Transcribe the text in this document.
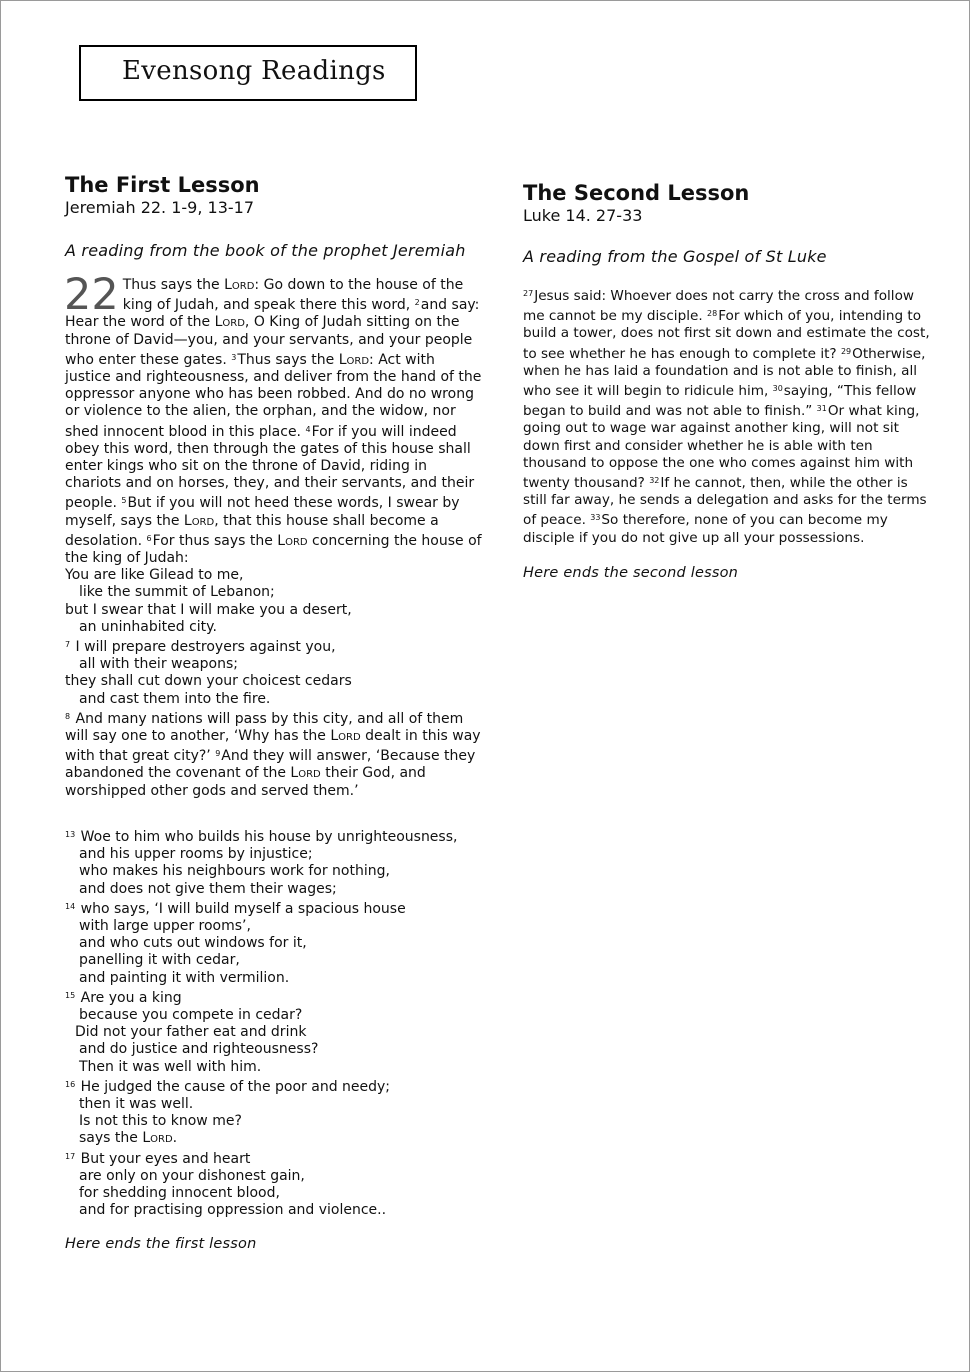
Evensong Readings
The First Lesson
Jeremiah 22. 1-9, 13-17
A reading from the book of the prophet Jeremiah
22 Thus says the Lord: Go down to the house of the king of Judah, and speak there this word, $^2$and say: Hear the word of the Lord, O King of Judah sitting on the throne of David—you, and your servants, and your people who enter these gates. $^3$Thus says the Lord: Act with justice and righteousness, and deliver from the hand of the oppressor anyone who has been robbed. And do no wrong or violence to the alien, the orphan, and the widow, nor shed innocent blood in this place. $^4$For if you will indeed obey this word, then through the gates of this house shall enter kings who sit on the throne of David, riding in chariots and on horses, they, and their servants, and their people. $^5$But if you will not heed these words, I swear by myself, says the Lord, that this house shall become a desolation. $^6$For thus says the Lord concerning the house of the king of Judah:
You are like Gilead to me,
like the summit of Lebanon;
but I swear that I will make you a desert,
an uninhabited city.
$^7$ I will prepare destroyers against you,
all with their weapons;
they shall cut down your choicest cedars
and cast them into the fire.
$^8$ And many nations will pass by this city, and all of them will say one to another, ‘Why has the Lord dealt in this way with that great city?’ $^9$And they will answer, ‘Because they abandoned the covenant of the Lord their God, and worshipped other gods and served them.’
$^{13}$ Woe to him who builds his house by unrighteousness,
and his upper rooms by injustice;
who makes his neighbours work for nothing,
and does not give them their wages;
$^{14}$ who says, ‘I will build myself a spacious house
with large upper rooms’,
and who cuts out windows for it,
panelling it with cedar,
and painting it with vermilion.
$^{15}$ Are you a king
because you compete in cedar?
Did not your father eat and drink
and do justice and righteousness?
Then it was well with him.
$^{16}$ He judged the cause of the poor and needy;
then it was well.
Is not this to know me?
says the Lord.
$^{17}$ But your eyes and heart
are only on your dishonest gain,
for shedding innocent blood,
and for practising oppression and violence..
Here ends the first lesson
The Second Lesson
Luke 14. 27-33
A reading from the Gospel of St Luke
$^{27}$Jesus said: Whoever does not carry the cross and follow me cannot be my disciple. $^{28}$For which of you, intending to build a tower, does not first sit down and estimate the cost, to see whether he has enough to complete it? $^{29}$Otherwise, when he has laid a foundation and is not able to finish, all who see it will begin to ridicule him, $^{30}$saying, “This fellow began to build and was not able to finish.” $^{31}$Or what king, going out to wage war against another king, will not sit down first and consider whether he is able with ten thousand to oppose the one who comes against him with twenty thousand? $^{32}$If he cannot, then, while the other is still far away, he sends a delegation and asks for the terms of peace. $^{33}$So therefore, none of you can become my disciple if you do not give up all your possessions.
Here ends the second lesson
